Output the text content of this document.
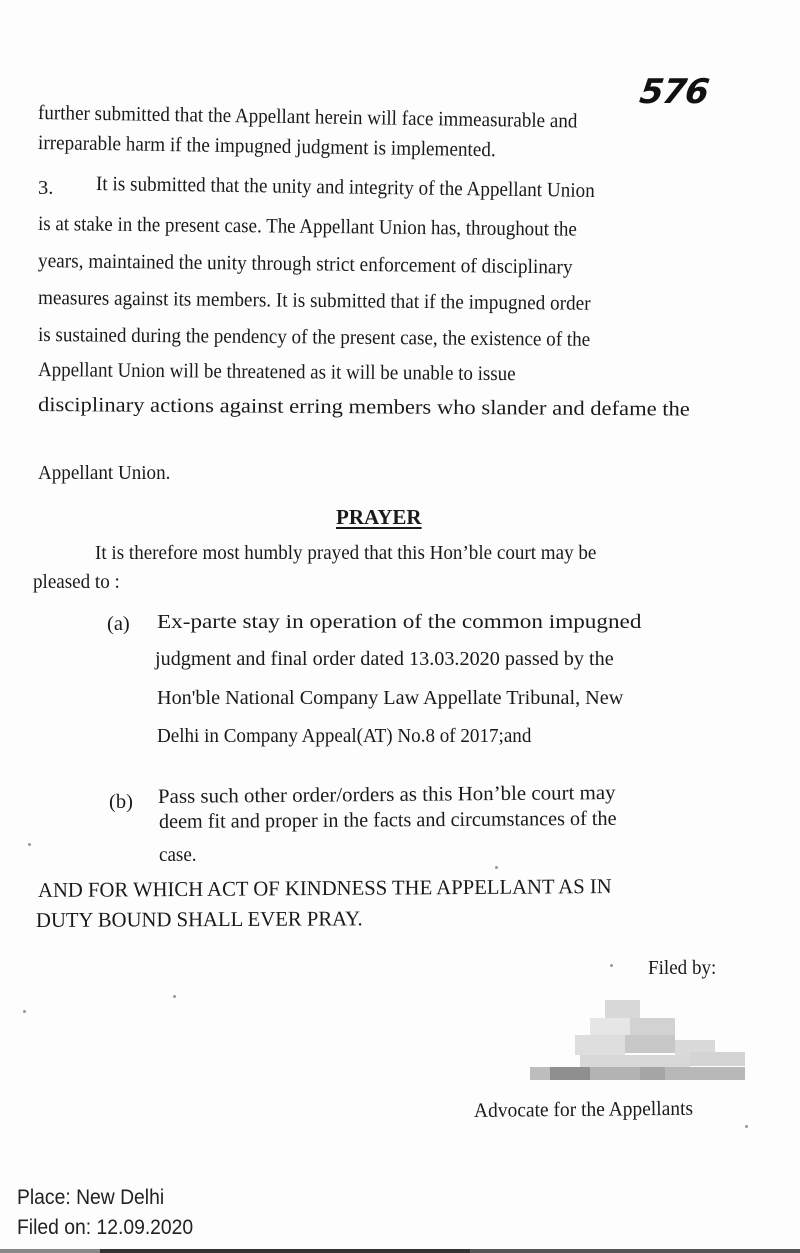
576
further submitted that the Appellant herein will face immeasurable and
irreparable harm if the impugned judgment is implemented.
3. It is submitted that the unity and integrity of the Appellant Union
is at stake in the present case. The Appellant Union has, throughout the
years, maintained the unity through strict enforcement of disciplinary
measures against its members. It is submitted that if the impugned order
is sustained during the pendency of the present case, the existence of the
Appellant Union will be threatened as it will be unable to issue
disciplinary actions against erring members who slander and defame the
Appellant Union.
PRAYER
It is therefore most humbly prayed that this Hon’ble court may be
pleased to :
(a) Ex-parte stay in operation of the common impugned
judgment and final order dated 13.03.2020 passed by the
Hon'ble National Company Law Appellate Tribunal, New
Delhi in Company Appeal(AT) No.8 of 2017;and
(b) Pass such other order/orders as this Hon’ble court may
deem fit and proper in the facts and circumstances of the
case.
AND FOR WHICH ACT OF KINDNESS THE APPELLANT AS IN
DUTY BOUND SHALL EVER PRAY.
Filed by:
Advocate for the Appellants
Place: New Delhi
Filed on: 12.09.2020
